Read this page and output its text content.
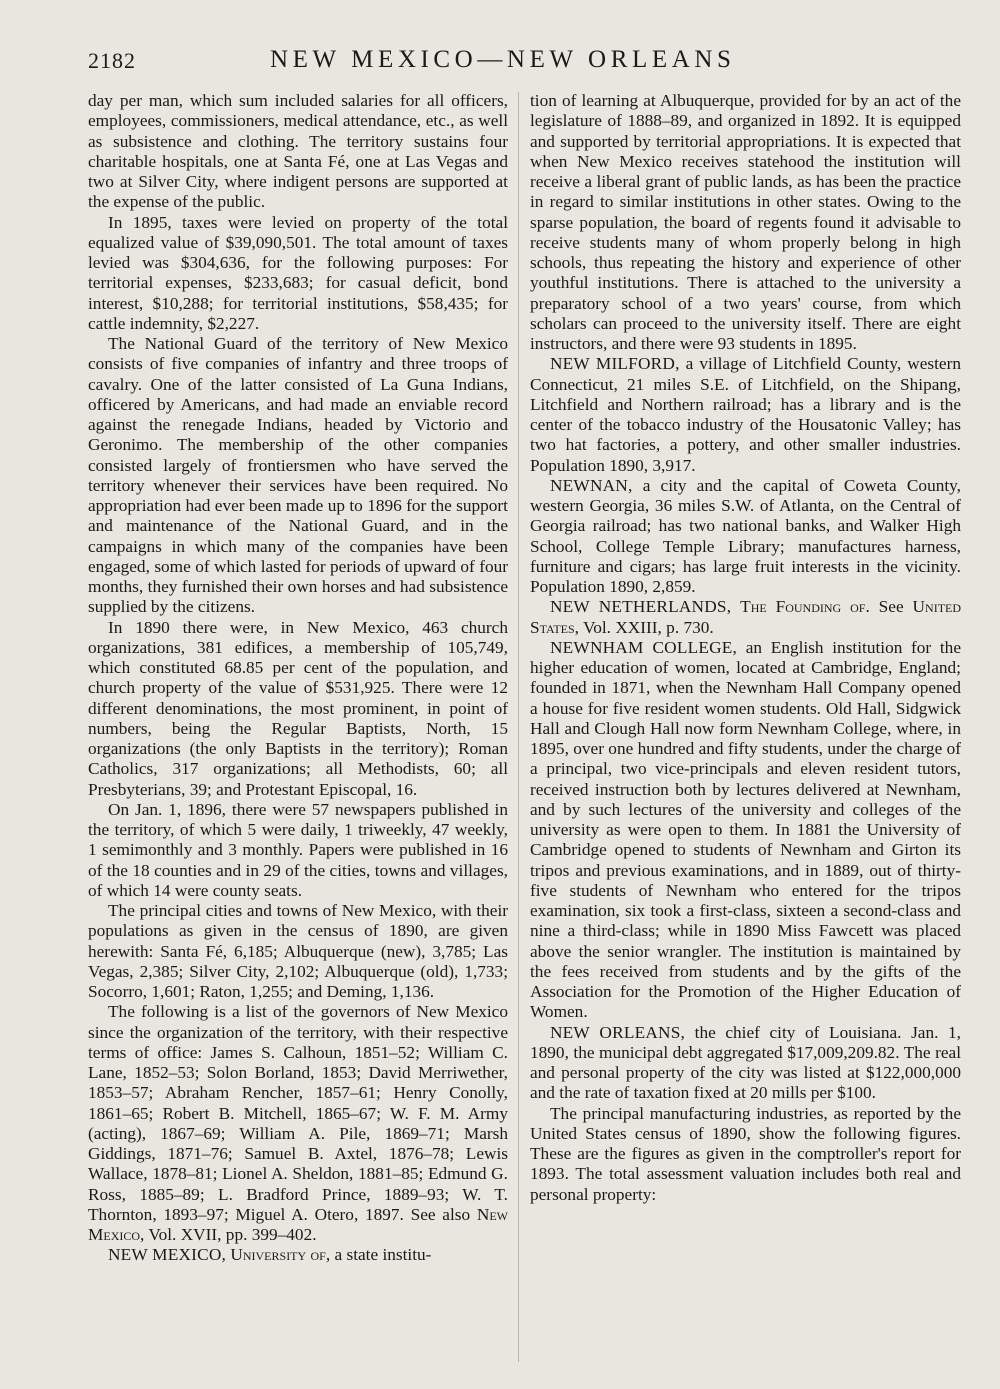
2182	NEW MEXICO—NEW ORLEANS

day per man, which sum included salaries for all officers, employees, commissioners, medical attendance, etc., as well as subsistence and clothing. The territory sustains four charitable hospitals, one at Santa Fé, one at Las Vegas and two at Silver City, where indigent persons are supported at the expense of the public.

In 1895, taxes were levied on property of the total equalized value of $39,090,501. The total amount of taxes levied was $304,636, for the following purposes: For territorial expenses, $233,683; for casual deficit, bond interest, $10,288; for territorial institutions, $58,435; for cattle indemnity, $2,227.

The National Guard of the territory of New Mexico consists of five companies of infantry and three troops of cavalry. One of the latter consisted of La Guna Indians, officered by Americans, and had made an enviable record against the renegade Indians, headed by Victorio and Geronimo. The membership of the other companies consisted largely of frontiersmen who have served the territory whenever their services have been required. No appropriation had ever been made up to 1896 for the support and maintenance of the National Guard, and in the campaigns in which many of the companies have been engaged, some of which lasted for periods of upward of four months, they furnished their own horses and had subsistence supplied by the citizens.

In 1890 there were, in New Mexico, 463 church organizations, 381 edifices, a membership of 105,749, which constituted 68.85 per cent of the population, and church property of the value of $531,925. There were 12 different denominations, the most prominent, in point of numbers, being the Regular Baptists, North, 15 organizations (the only Baptists in the territory); Roman Catholics, 317 organizations; all Methodists, 60; all Presbyterians, 39; and Protestant Episcopal, 16.

On Jan. 1, 1896, there were 57 newspapers published in the territory, of which 5 were daily, 1 triweekly, 47 weekly, 1 semimonthly and 3 monthly. Papers were published in 16 of the 18 counties and in 29 of the cities, towns and villages, of which 14 were county seats.

The principal cities and towns of New Mexico, with their populations as given in the census of 1890, are given herewith: Santa Fé, 6,185; Albuquerque (new), 3,785; Las Vegas, 2,385; Silver City, 2,102; Albuquerque (old), 1,733; Socorro, 1,601; Raton, 1,255; and Deming, 1,136.

The following is a list of the governors of New Mexico since the organization of the territory, with their respective terms of office: James S. Calhoun, 1851–52; William C. Lane, 1852–53; Solon Borland, 1853; David Merriwether, 1853–57; Abraham Rencher, 1857–61; Henry Conolly, 1861–65; Robert B. Mitchell, 1865–67; W. F. M. Army (acting), 1867–69; William A. Pile, 1869–71; Marsh Giddings, 1871–76; Samuel B. Axtel, 1876–78; Lewis Wallace, 1878–81; Lionel A. Sheldon, 1881–85; Edmund G. Ross, 1885–89; L. Bradford Prince, 1889–93; W. T. Thornton, 1893–97; Miguel A. Otero, 1897. See also New Mexico, Vol. XVII, pp. 399–402.

NEW MEXICO, University of, a state institu-

tion of learning at Albuquerque, provided for by an act of the legislature of 1888–89, and organized in 1892. It is equipped and supported by territorial appropriations. It is expected that when New Mexico receives statehood the institution will receive a liberal grant of public lands, as has been the practice in regard to similar institutions in other states. Owing to the sparse population, the board of regents found it advisable to receive students many of whom properly belong in high schools, thus repeating the history and experience of other youthful institutions. There is attached to the university a preparatory school of a two years' course, from which scholars can proceed to the university itself. There are eight instructors, and there were 93 students in 1895.

NEW MILFORD, a village of Litchfield County, western Connecticut, 21 miles S.E. of Litchfield, on the Shipang, Litchfield and Northern railroad; has a library and is the center of the tobacco industry of the Housatonic Valley; has two hat factories, a pottery, and other smaller industries. Population 1890, 3,917.

NEWNAN, a city and the capital of Coweta County, western Georgia, 36 miles S.W. of Atlanta, on the Central of Georgia railroad; has two national banks, and Walker High School, College Temple Library; manufactures harness, furniture and cigars; has large fruit interests in the vicinity. Population 1890, 2,859.

NEW NETHERLANDS, The Founding of. See United States, Vol. XXIII, p. 730.

NEWNHAM COLLEGE, an English institution for the higher education of women, located at Cambridge, England; founded in 1871, when the Newnham Hall Company opened a house for five resident women students. Old Hall, Sidgwick Hall and Clough Hall now form Newnham College, where, in 1895, over one hundred and fifty students, under the charge of a principal, two vice-principals and eleven resident tutors, received instruction both by lectures delivered at Newnham, and by such lectures of the university and colleges of the university as were open to them. In 1881 the University of Cambridge opened to students of Newnham and Girton its tripos and previous examinations, and in 1889, out of thirty-five students of Newnham who entered for the tripos examination, six took a first-class, sixteen a second-class and nine a third-class; while in 1890 Miss Fawcett was placed above the senior wrangler. The institution is maintained by the fees received from students and by the gifts of the Association for the Promotion of the Higher Education of Women.

NEW ORLEANS, the chief city of Louisiana. Jan. 1, 1890, the municipal debt aggregated $17,009,209.82. The real and personal property of the city was listed at $122,000,000 and the rate of taxation fixed at 20 mills per $100.

The principal manufacturing industries, as reported by the United States census of 1890, show the following figures. These are the figures as given in the comptroller's report for 1893. The total assessment valuation includes both real and personal property:
